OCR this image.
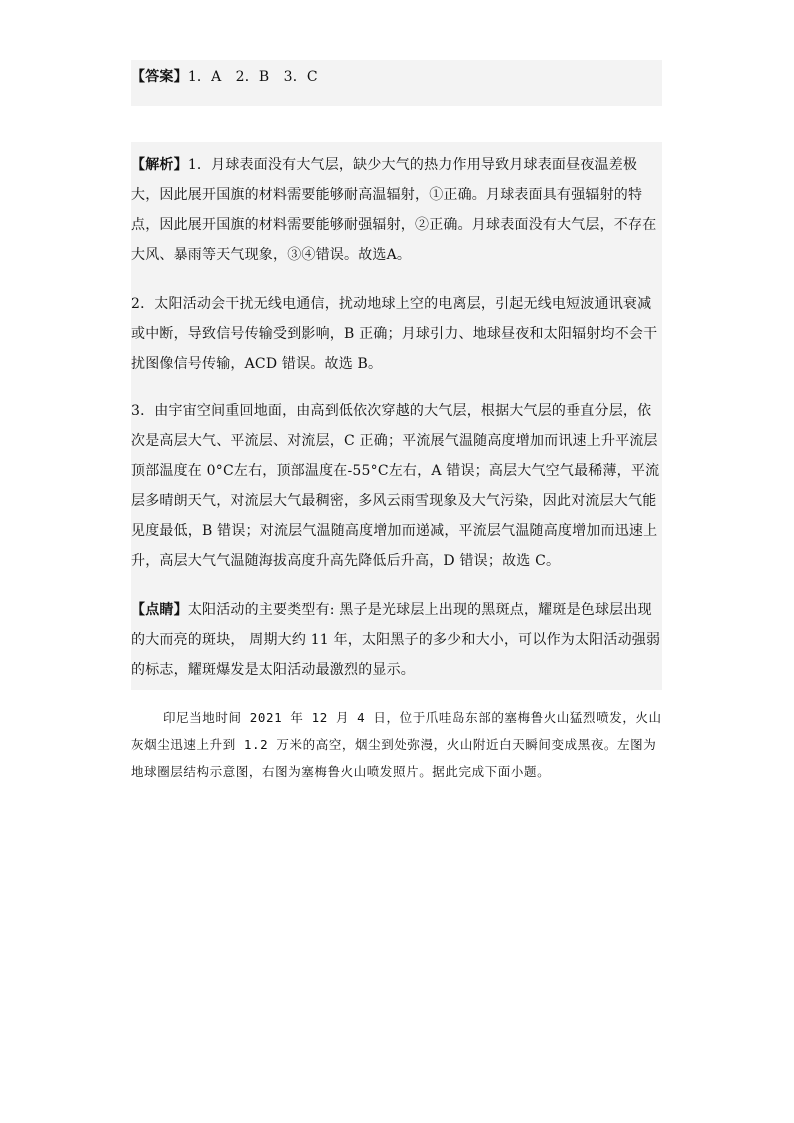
【答案】1．A　2．B　3．C
【解析】1．月球表面没有大气层，缺少大气的热力作用导致月球表面昼夜温差极大，因此展开国旗的材料需要能够耐高温辐射，①正确。月球表面具有强辐射的特点，因此展开国旗的材料需要能够耐强辐射，②正确。月球表面没有大气层，不存在大风、暴雨等天气现象，③④错误。故选A。
2．太阳活动会干扰无线电通信，扰动地球上空的电离层，引起无线电短波通讯衰减或中断，导致信号传输受到影响，B 正确；月球引力、地球昼夜和太阳辐射均不会干扰图像信号传输，ACD 错误。故选 B。
3．由宇宙空间重回地面，由高到低依次穿越的大气层，根据大气层的垂直分层，依次是高层大气、平流层、对流层，C 正确；平流展气温随高度增加而讯速上升平流层顶部温度在 0°C左右，顶部温度在-55°C左右，A 错误；高层大气空气最稀薄，平流层多晴朗天气，对流层大气最稠密，多风云雨雪现象及大气污染，因此对流层大气能见度最低，B 错误；对流层气温随高度增加而递减，平流层气温随高度增加而迅速上升，高层大气气温随海拔高度升高先降低后升高，D 错误；故选 C。
【点睛】太阳活动的主要类型有: 黑子是光球层上出现的黑斑点，耀斑是色球层出现的大而亮的斑块， 周期大约 11 年，太阳黑子的多少和大小，可以作为太阳活动强弱的标志，耀斑爆发是太阳活动最激烈的显示。
印尼当地时间 2021 年 12 月 4 日，位于爪哇岛东部的塞梅鲁火山猛烈喷发，火山灰烟尘迅速上升到 1.2 万米的高空，烟尘到处弥漫，火山附近白天瞬间变成黑夜。左图为地球圈层结构示意图，右图为塞梅鲁火山喷发照片。据此完成下面小题。
